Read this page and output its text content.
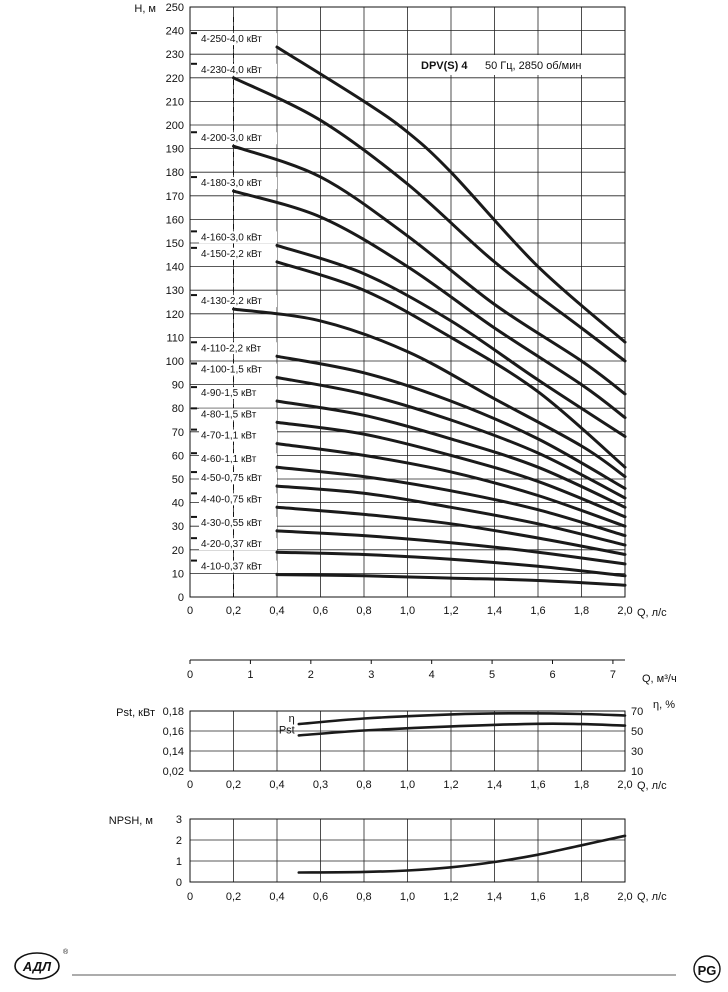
АДЛ
®
PG
0	0,2	0,4	0,6	0,8	1,0	1,2	1,4	1,6	1,8	2,0
0
10
20
30
40
50
60
70
80
90
100
110
120
130
140
150
160
170
180
190
200
210
220
230
240
250
H, м
Q, л/с
DPV(S) 4 50 Гц, 2850 об/мин
4-250-4,0 кВт
4-230-4,0 кВт
4-200-3,0 кВт
4-180-3,0 кВт
4-160-3,0 кВт
4-150-2,2 кВт
4-130-2,2 кВт
4-110-2,2 кВт
4-100-1,5 кВт
4-90-1,5 кВт
4-80-1,5 кВт
4-70-1,1 кВт
4-60-1,1 кВт
4-50-0,75 кВт
4-40-0,75 кВт
4-30-0,55 кВт
4-20-0,37 кВт
4-10-0,37 кВт
0	1	2	3	4	5	6	7 Q, м³/ч
0	0,2	0,4	0,3	0,8	1,0	1,2	1,4	1,6	1,8	2,0
0,02
0,14
0,16
0,18
10
30
50
70
Pst, кВт
η, %
Q, л/с
η
Pst
0	0,2	0,4	0,6	0,8	1,0	1,2	1,4	1,6	1,8	2,0
0
1
2
3
NPSH, м
Q, л/с
